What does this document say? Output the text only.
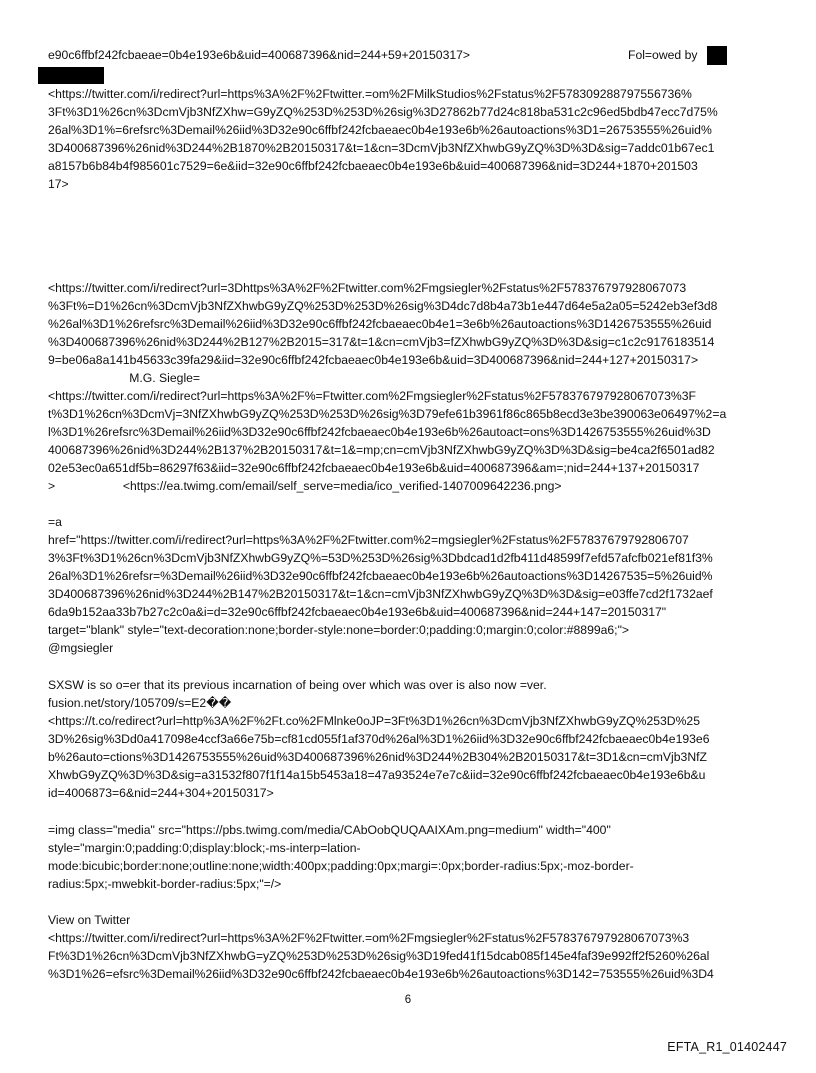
e90c6ffbf242fcbaeae=0b4e193e6b&uid=400687396&nid=244+59+20150317>	Fol=owed by
<https://twitter.com/i/redirect?url=https%3A%2F%2Ftwitter.=om%2FMilkStudios%2Fstatus%2F578309288797556736%
3Ft%3D1%26cn%3DcmVjb3NfZXhw=G9yZQ%253D%253D%26sig%3D27862b77d24c818ba531c2c96ed5bdb47ecc7d75%
26al%3D1%=6refsrc%3Demail%26iid%3D32e90c6ffbf242fcbaeaec0b4e193e6b%26autoactions%3D1=26753555%26uid%
3D400687396%26nid%3D244%2B1870%2B20150317&t=1&cn=3DcmVjb3NfZXhwbG9yZQ%3D%3D&sig=7addc01b67ec1
a8157b6b84b4f985601c7529=6e&iid=32e90c6ffbf242fcbaeaec0b4e193e6b&uid=400687396&nid=3D244+1870+201503
17>
<https://twitter.com/i/redirect?url=3Dhttps%3A%2F%2Ftwitter.com%2Fmgsiegler%2Fstatus%2F578376797928067073
%3Ft%=D1%26cn%3DcmVjb3NfZXhwbG9yZQ%253D%253D%26sig%3D4dc7d8b4a73b1e447d64e5a2a05=5242eb3ef3d8
%26al%3D1%26refsrc%3Demail%26iid%3D32e90c6ffbf242fcbaeaec0b4e1=3e6b%26autoactions%3D1426753555%26uid
%3D400687396%26nid%3D244%2B127%2B2015=317&t=1&cn=cmVjb3=fZXhwbG9yZQ%3D%3D&sig=c1c2c9176183514
9=be06a8a141b45633c39fa29&iid=32e90c6ffbf242fcbaeaec0b4e193e6b&uid=3D400687396&nid=244+127+20150317>
M.G. Siegle=
<https://twitter.com/i/redirect?url=https%3A%2F%=Ftwitter.com%2Fmgsiegler%2Fstatus%2F578376797928067073%3F
t%3D1%26cn%3DcmVj=3NfZXhwbG9yZQ%253D%253D%26sig%3D79efe61b3961f86c865b8ecd3e3be390063e06497%2=a
l%3D1%26refsrc%3Demail%26iid%3D32e90c6ffbf242fcbaeaec0b4e193e6b%26autoact=ons%3D1426753555%26uid%3D
400687396%26nid%3D244%2B137%2B20150317&t=1&=mp;cn=cmVjb3NfZXhwbG9yZQ%3D%3D&sig=be4ca2f6501ad82
02e53ec0a651df5b=86297f63&iid=32e90c6ffbf242fcbaeaec0b4e193e6b&uid=400687396&am=;nid=244+137+20150317
>                    <https://ea.twimg.com/email/self_serve=media/ico_verified-1407009642236.png>
=a
href="https://twitter.com/i/redirect?url=https%3A%2F%2Ftwitter.com%2=mgsiegler%2Fstatus%2F57837679792806707
3%3Ft%3D1%26cn%3DcmVjb3NfZXhwbG9yZQ%=53D%253D%26sig%3Dbdcad1d2fb411d48599f7efd57afcfb021ef81f3%
26al%3D1%26refsr=%3Demail%26iid%3D32e90c6ffbf242fcbaeaec0b4e193e6b%26autoactions%3D14267535=5%26uid%
3D400687396%26nid%3D244%2B147%2B20150317&t=1&cn=cmVjb3NfZXhwbG9yZQ%3D%3D&sig=e03ffe7cd2f1732aef
6da9b152aa33b7b27c2c0a&i=d=32e90c6ffbf242fcbaeaec0b4e193e6b&uid=400687396&nid=244+147=20150317"
target="blank" style="text-decoration:none;border-style:none=border:0;padding:0;margin:0;color:#8899a6;">
@mgsiegler
SXSW is so o=er that its previous incarnation of being over which was over is also now =ver.
fusion.net/story/105709/s=E2��
<https://t.co/redirect?url=http%3A%2F%2Ft.co%2FMlnke0oJP=3Ft%3D1%26cn%3DcmVjb3NfZXhwbG9yZQ%253D%25
3D%26sig%3Dd0a417098e4ccf3a66e75b=cf81cd055f1af370d%26al%3D1%26iid%3D32e90c6ffbf242fcbaeaec0b4e193e6
b%26auto=ctions%3D1426753555%26uid%3D400687396%26nid%3D244%2B304%2B20150317&t=3D1&cn=cmVjb3NfZ
XhwbG9yZQ%3D%3D&sig=a31532f807f1f14a15b5453a18=47a93524e7e7c&iid=32e90c6ffbf242fcbaeaec0b4e193e6b&u
id=4006873=6&nid=244+304+20150317>
=img class="media" src="https://pbs.twimg.com/media/CAbOobQUQAAIXAm.png=medium" width="400"
style="margin:0;padding:0;display:block;-ms-interp=lation-
mode:bicubic;border:none;outline:none;width:400px;padding:0px;margi=:0px;border-radius:5px;-moz-border-
radius:5px;-mwebkit-border-radius:5px;"=/>
View on Twitter
<https://twitter.com/i/redirect?url=https%3A%2F%2Ftwitter.=om%2Fmgsiegler%2Fstatus%2F578376797928067073%3
Ft%3D1%26cn%3DcmVjb3NfZXhwbG=yZQ%253D%253D%26sig%3D19fed41f15dcab085f145e4faf39e992ff2f5260%26al
%3D1%26=efsrc%3Demail%26iid%3D32e90c6ffbf242fcbaeaec0b4e193e6b%26autoactions%3D142=753555%26uid%3D4
6
EFTA_R1_01402447
